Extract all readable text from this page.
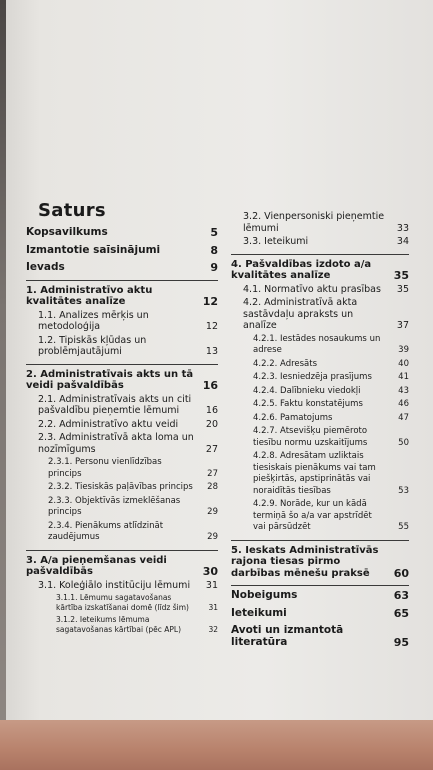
Saturs
Kopsavilkums	5
Izmantotie saīsinājumi	8
Ievads	9
1. Administratīvo aktu kvalitātes analīze	12
1.1. Analizes mērķis un metodoloģija	12
1.2. Tipiskās kļūdas un problēmjautājumi	13
2. Administratīvais akts un tā veidi pašvaldībās	16
2.1. Administratīvais akts un citi pašvaldību pieņemtie lēmumi	16
2.2. Administratīvo aktu veidi	20
2.3. Administratīvā akta loma un nozīmīgums	27
2.3.1. Personu vienlīdzības princips	27
2.3.2. Tiesiskās paļāvības princips	28
2.3.3. Objektīvās izmeklēšanas princips	29
2.3.4. Pienākums atlīdzināt zaudējumus	29
3. A/a pieņemšanas veidi pašvaldībās	30
3.1. Koleģiālo institūciju lēmumi	31
3.1.1. Lēmumu sagatavošanas kārtība izskatīšanai domē (līdz šim)	31
3.1.2. Ieteikums lēmuma sagatavošanas kārtībai (pēc APL)	32
3.2. Vienpersoniski pieņemtie lēmumi	33
3.3. Ieteikumi	34
4. Pašvaldības izdoto a/a kvalitātes analīze	35
4.1. Normatīvo aktu prasības	35
4.2. Administratīvā akta sastāvdaļu apraksts un analīze	37
4.2.1. Iestādes nosaukums un adrese	39
4.2.2. Adresāts	40
4.2.3. Iesniedzēja prasījums	41
4.2.4. Dalībnieku viedokļi	43
4.2.5. Faktu konstatējums	46
4.2.6. Pamatojums	47
4.2.7. Atsevišķu piemēroto tiesību normu uzskaitījums	50
4.2.8. Adresātam uzliktais tiesiskais pienākums vai tam piešķirtās, apstiprinātās vai noraidītās tiesības	53
4.2.9. Norāde, kur un kādā termiņā šo a/a var apstrīdēt vai pārsūdzēt	55
5. Ieskats Administratīvās rajona tiesas pirmo darbības mēnešu praksē	60
Nobeigums	63
Ieteikumi	65
Avoti un izmantotā literatūra	95
